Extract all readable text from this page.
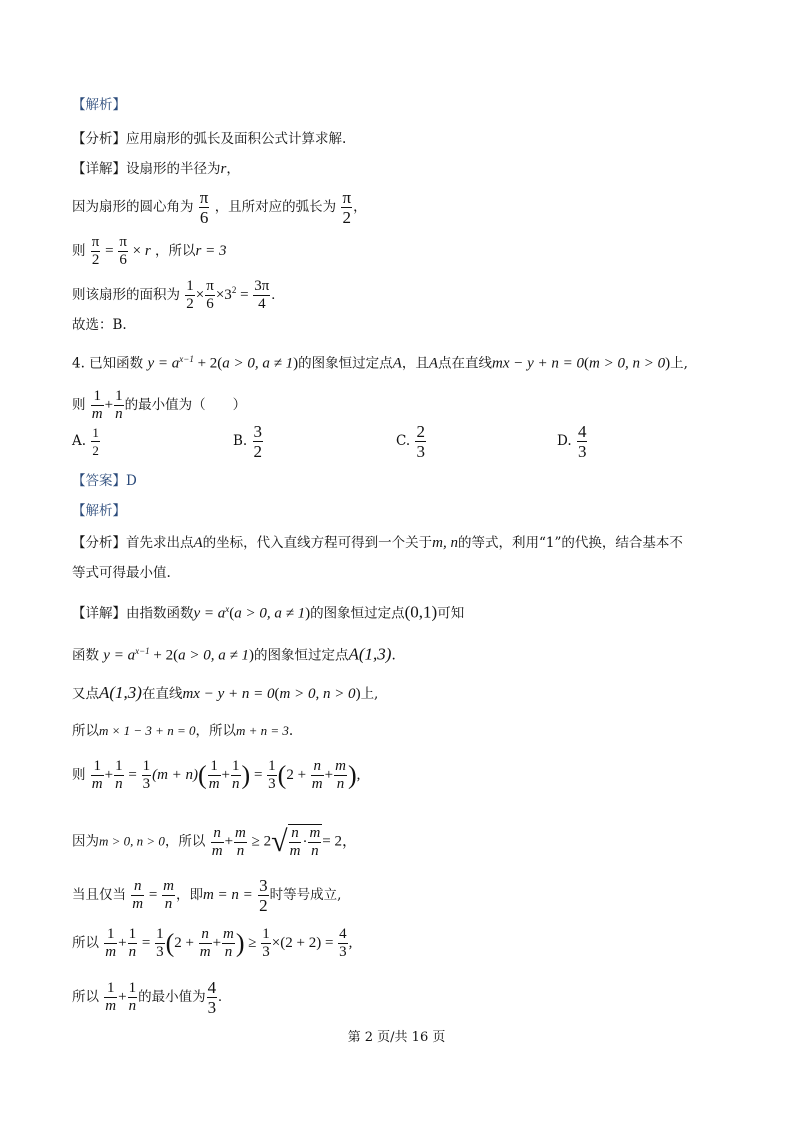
【解析】
【分析】应用扇形的弧长及面积公式计算求解.
【详解】设扇形的半径为r，
因为扇形的圆心角为 $\frac{\pi}{6}$ ，且所对应的弧长为 $\frac{\pi}{2}$ ，
则 $\frac{\pi}{2} = \frac{\pi}{6} \times r$ ，所以r = 3
则该扇形的面积为 $\frac{1}{2} \times \frac{\pi}{6} \times 3^2 = \frac{3\pi}{4}$ .
故选：B.
4. 已知函数 $y = a^{x-1} + 2(a > 0$, a ≠ 1)的图象恒过定点A，且A点在直线mx − y + n = 0(m > 0, n > 0)上,
则 $\frac{1}{m} + \frac{1}{n}$ 的最小值为（　　）
A. $\frac{1}{2}$	B. $\frac{3}{2}$	C. $\frac{2}{3}$	D. $\frac{4}{3}$
【答案】D
【解析】
【分析】首先求出点A的坐标，代入直线方程可得到一个关于m, n的等式，利用“1”的代换，结合基本不
等式可得最小值.
【详解】由指数函数$y = a^x(a > 0$, a ≠ 1)的图象恒过定点(0,1)可知
函数 $y = a^{x-1} + 2(a > 0$, a ≠ 1)的图象恒过定点A(1,3).
又点A(1,3)在直线mx − y + n = 0(m > 0, n > 0)上,
所以m × 1 − 3 + n = 0，所以m + n = 3.
则 $\frac{1}{m} + \frac{1}{n} = \frac{1}{3} (m + n)( \frac{1}{m} + \frac{1}{n}$ ) = $\frac{1}{3} (2 + \frac{n}{m} + \frac{m}{n}$ ),
因为m > 0, n > 0，所以 $\frac{n}{m} + \frac{m}{n} \ge 2√ \frac{n}{m} \cdot \frac{m}{n} = 2$，
当且仅当 $\frac{n}{m} = \frac{m}{n}$ ，即$m = n = \frac{3}{2}$ 时等号成立,
所以 $\frac{1}{m} + \frac{1}{n} = \frac{1}{3} (2 + \frac{n}{m} + \frac{m}{n}$ ) ≥ $\frac{1}{3} \times(2 + 2) = \frac{4}{3}$ ,
所以 $\frac{1}{m} + \frac{1}{n}$ 的最小值为 $\frac{4}{3}$ .
第 2 页/共 16 页
